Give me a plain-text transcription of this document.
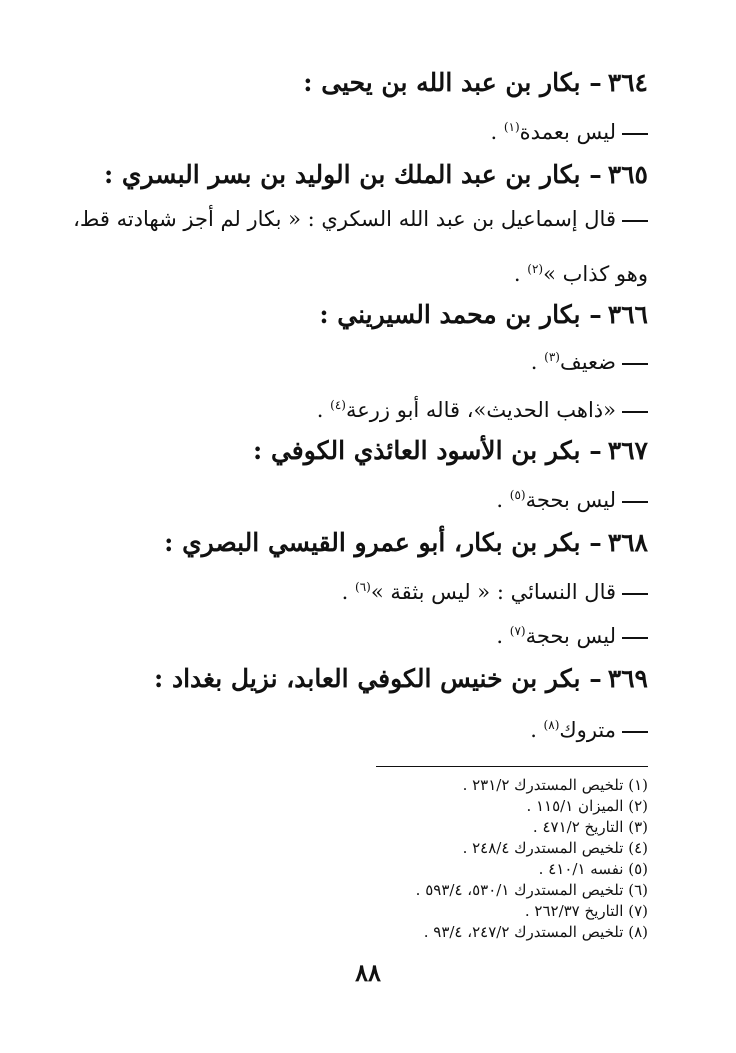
٣٦٤– بكار بن عبد الله بن يحيى :
ليس بعمدة$^{(١)}$ .
٣٦٥– بكار بن عبد الملك بن الوليد بن بسر البسري :
قال إسماعيل بن عبد الله السكري : « بكار لم أجز شهادته قط،
وهو كذاب »$^{(٢)}$ .
٣٦٦– بكار بن محمد السيريني :
ضعيف$^{(٣)}$ .
«ذاهب الحديث»، قاله أبو زرعة$^{(٤)}$ .
٣٦٧– بكر بن الأسود العائذي الكوفي :
ليس بحجة$^{(٥)}$ .
٣٦٨– بكر بن بكار، أبو عمرو القيسي البصري :
قال النسائي : « ليس بثقة »$^{(٦)}$ .
ليس بحجة$^{(٧)}$ .
٣٦٩– بكر بن خنيس الكوفي العابد، نزيل بغداد :
متروك$^{(٨)}$ .
(١) تلخيص المستدرك ٢٣١/٢ .
(٢) الميزان ١١٥/١ .
(٣) التاريخ ٤٧١/٢ .
(٤) تلخيص المستدرك ٢٤٨/٤ .
(٥) نفسه ٤١٠/١ .
(٦) تلخيص المستدرك ٥٣٠/١، ٥٩٣/٤ .
(٧) التاريخ ٢٦٢/٣٧ .
(٨) تلخيص المستدرك ٢٤٧/٢، ٩٣/٤ .
٨٨
